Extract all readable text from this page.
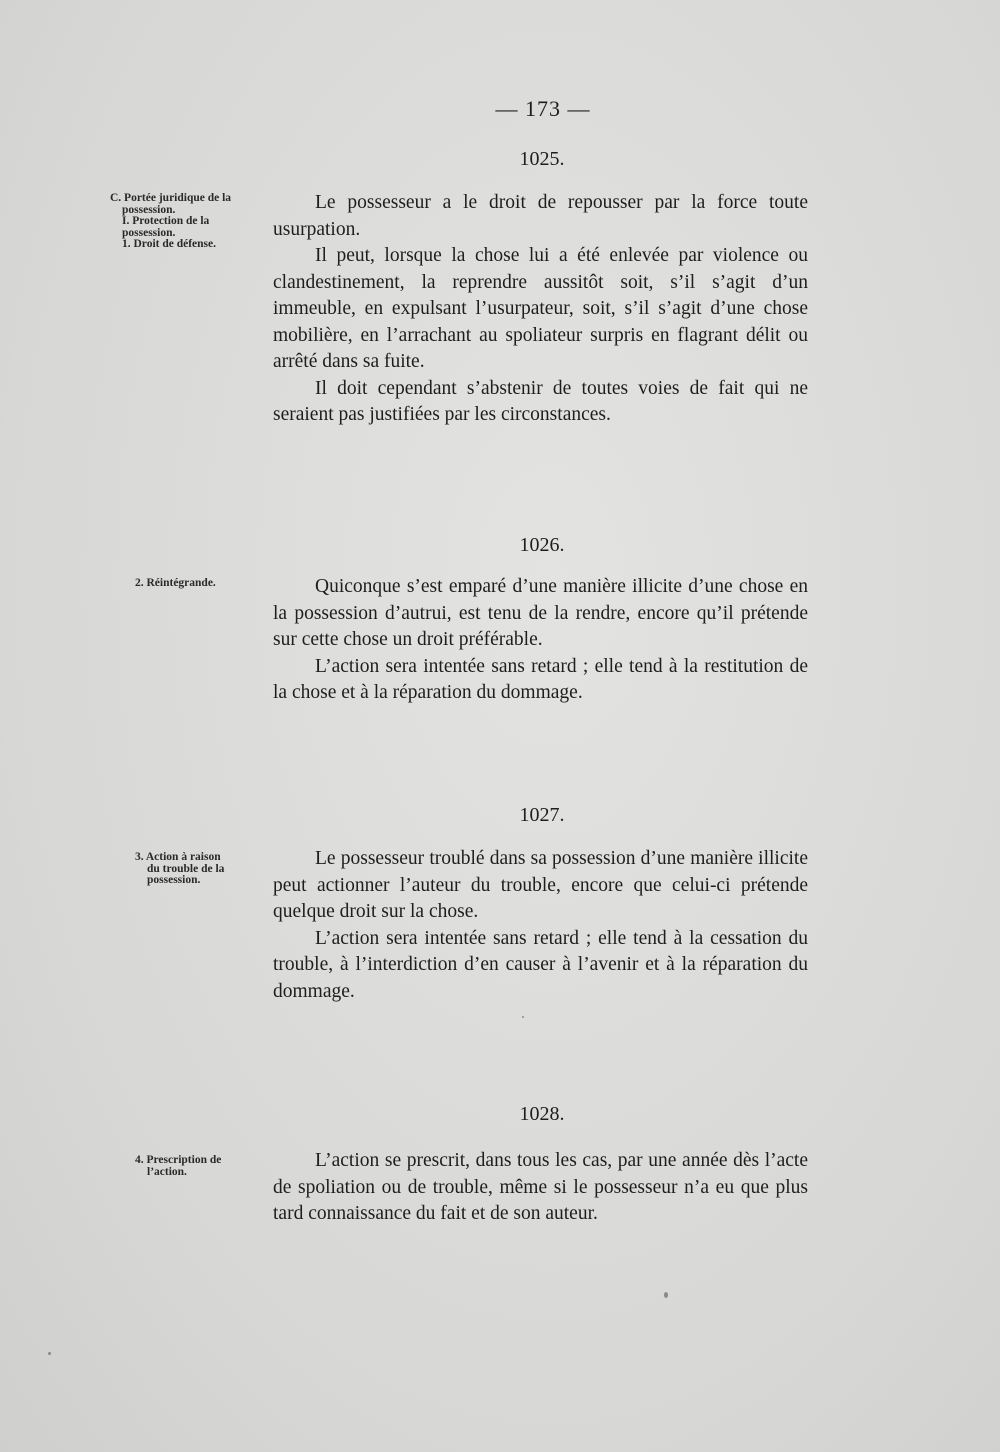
— 173 —
1025.
C. Portée juridique de la
possession.
I. Protection de la
possession.
1. Droit de défense.

Le possesseur a le droit de repousser par la force toute usurpation.

Il peut, lorsque la chose lui a été enlevée par violence ou clandestinement, la reprendre aussitôt soit, s’il s’agit d’un immeuble, en expulsant l’usurpateur, soit, s’il s’agit d’une chose mobilière, en l’arrachant au spoliateur surpris en flagrant délit ou arrêté dans sa fuite.

Il doit cependant s’abstenir de toutes voies de fait qui ne seraient pas justifiées par les circonstances.

1026.
2. Réintégrande.	Quiconque s’est emparé d’une manière illicite d’une chose en la possession d’autrui, est tenu de la rendre, encore qu’il prétende sur cette chose un droit préférable.

L’action sera intentée sans retard ; elle tend à la restitution de la chose et à la réparation du dommage.

1027.
3. Action à raison
du trouble de la
possession.

Le possesseur troublé dans sa possession d’une manière illicite peut actionner l’auteur du trouble, encore que celui-ci prétende quelque droit sur la chose.

L’action sera intentée sans retard ; elle tend à la cessation du trouble, à l’interdiction d’en causer à l’avenir et à la réparation du dommage.

1028.
4. Prescription de
l’action.

L’action se prescrit, dans tous les cas, par une année dès l’acte de spoliation ou de trouble, même si le possesseur n’a eu que plus tard connaissance du fait et de son auteur.
